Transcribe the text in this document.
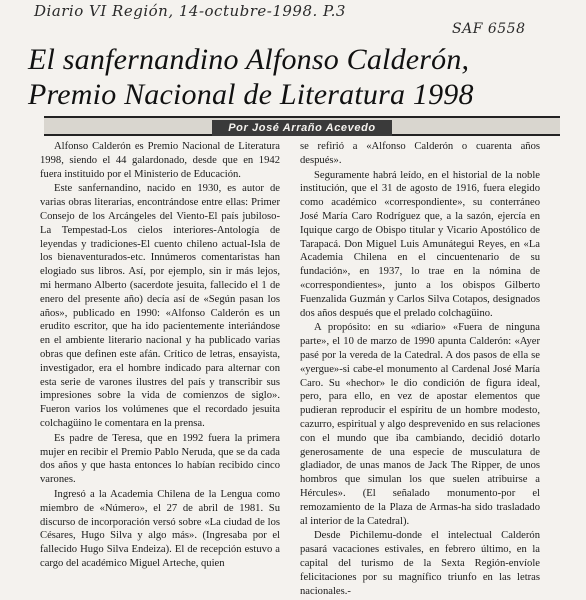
Diario VI Región, 14-octubre-1998. P.3
SAF 6558
El sanfernandino Alfonso Calderón,
Premio Nacional de Literatura 1998
Por José Arraño Acevedo

Alfonso Calderón es Premio Nacional de Literatura 1998, siendo el 44 galardonado, desde que en 1942 fuera instituido por el Ministerio de Educación.

Este sanfernandino, nacido en 1930, es autor de varias obras literarias, encontrándose entre ellas: Primer Consejo de los Arcángeles del Viento-El país jubiloso-La Tempestad-Los cielos interiores-Antología de leyendas y tradiciones-El cuento chileno actual-Isla de los bienaventurados-etc. Innúmeros comentaristas han elogiado sus libros. Así, por ejemplo, sin ir más lejos, mi hermano Alberto (sacerdote jesuita, fallecido el 1 de enero del presente año) decía así de «Según pasan los años», publicado en 1990: «Alfonso Calderón es un erudito escritor, que ha ido pacientemente interiándose en el ambiente literario nacional y ha publicado varias obras que definen este afán. Crítico de letras, ensayista, investigador, era el hombre indicado para alternar con esta serie de varones ilustres del país y transcribir sus impresiones sobre la vida de comienzos de siglo». Fueron varios los volúmenes que el recordado jesuita colchagüino le comentara en la prensa.

Es padre de Teresa, que en 1992 fuera la primera mujer en recibir el Premio Pablo Neruda, que se da cada dos años y que hasta entonces lo habían recibido cinco varones.

Ingresó a la Academia Chilena de la Lengua como miembro de «Número», el 27 de abril de 1981. Su discurso de incorporación versó sobre «La ciudad de los Césares, Hugo Silva y algo más». (Ingresaba por el fallecido Hugo Silva Endeiza). El de recepción estuvo a cargo del académico Miguel Arteche, quien

se refirió a «Alfonso Calderón o cuarenta años después».

Seguramente habrá leído, en el historial de la noble institución, que el 31 de agosto de 1916, fuera elegido como académico «correspondiente», su conterráneo José María Caro Rodríguez que, a la sazón, ejercía en Iquique cargo de Obispo titular y Vicario Apostólico de Tarapacá. Don Miguel Luis Amunátegui Reyes, en «La Academia Chilena en el cincuentenario de su fundación», en 1937, lo trae en la nómina de «correspondientes», junto a los obispos Gilberto Fuenzalida Guzmán y Carlos Silva Cotapos, designados dos años después que el prelado colchagüino.

A propósito: en su «diario» «Fuera de ninguna parte», el 10 de marzo de 1990 apunta Calderón: «Ayer pasé por la vereda de la Catedral. A dos pasos de ella se «yergue»-si cabe-el monumento al Cardenal José María Caro. Su «hechor» le dio condición de figura ideal, pero, para ello, en vez de apostar elementos que pudieran reproducir el espíritu de un hombre modesto, cazurro, espiritual y algo desprevenido en sus relaciones con el mundo que iba cambiando, decidió dotarlo generosamente de una especie de musculatura de gladiador, de unas manos de Jack The Ripper, de unos hombros que simulan los que suelen atribuirse a Hércules». (El señalado monumento-por el remozamiento de la Plaza de Armas-ha sido trasladado al interior de la Catedral).

Desde Pichilemu-donde el intelectual Calderón pasará vacaciones estivales, en febrero último, en la capital del turismo de la Sexta Región-envíole felicitaciones por su magnífico triunfo en las letras nacionales.-
